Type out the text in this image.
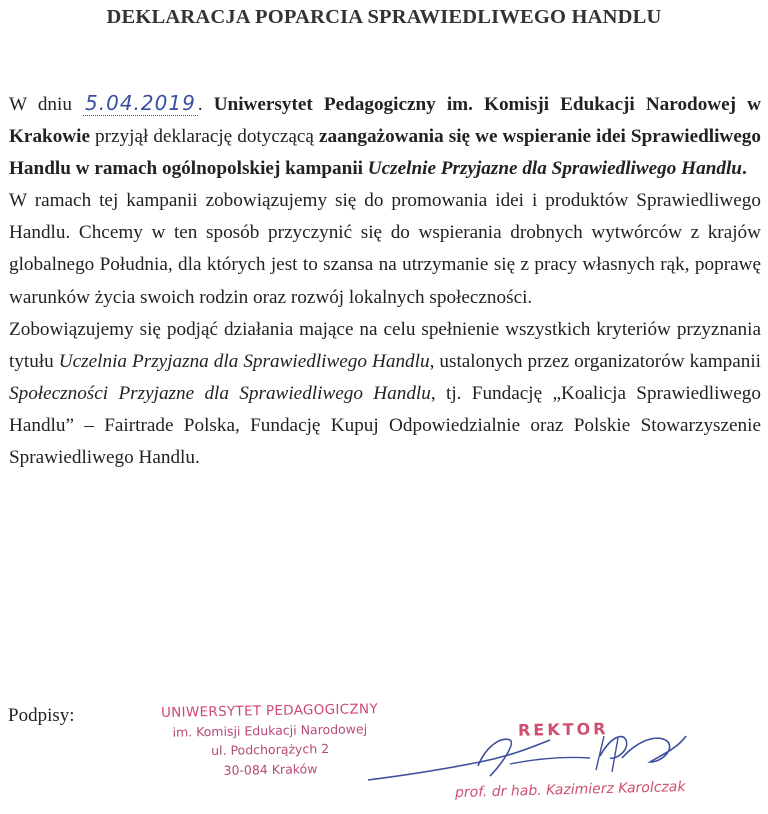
DEKLARACJA POPARCIA SPRAWIEDLIWEGO HANDLU

W dniu 5.04.2019 . Uniwersytet Pedagogiczny im. Komisji Edukacji Narodowej w Krakowie przyjął deklarację dotyczącą zaangażowania się we wspieranie idei Sprawiedliwego Handlu w ramach ogólnopolskiej kampanii Uczelnie Przyjazne dla Sprawiedliwego Handlu.

W ramach tej kampanii zobowiązujemy się do promowania idei i produktów Sprawiedliwego Handlu. Chcemy w ten sposób przyczynić się do wspierania drobnych wytwórców z krajów globalnego Południa, dla których jest to szansa na utrzymanie się z pracy własnych rąk, poprawę warunków życia swoich rodzin oraz rozwój lokalnych społeczności.

Zobowiązujemy się podjąć działania mające na celu spełnienie wszystkich kryteriów przyznania tytułu Uczelnia Przyjazna dla Sprawiedliwego Handlu, ustalonych przez organizatorów kampanii Społeczności Przyjazne dla Sprawiedliwego Handlu, tj. Fundację „Koalicja Sprawiedliwego Handlu” – Fairtrade Polska, Fundację Kupuj Odpowiedzialnie oraz Polskie Stowarzyszenie Sprawiedliwego Handlu.

Podpisy:	UNIWERSYTET PEDAGOGICZNY
im. Komisji Edukacji Narodowej
ul. Podchorążych 2
30-084 Kraków
REKTOR
prof. dr hab. Kazimierz Karolczak
